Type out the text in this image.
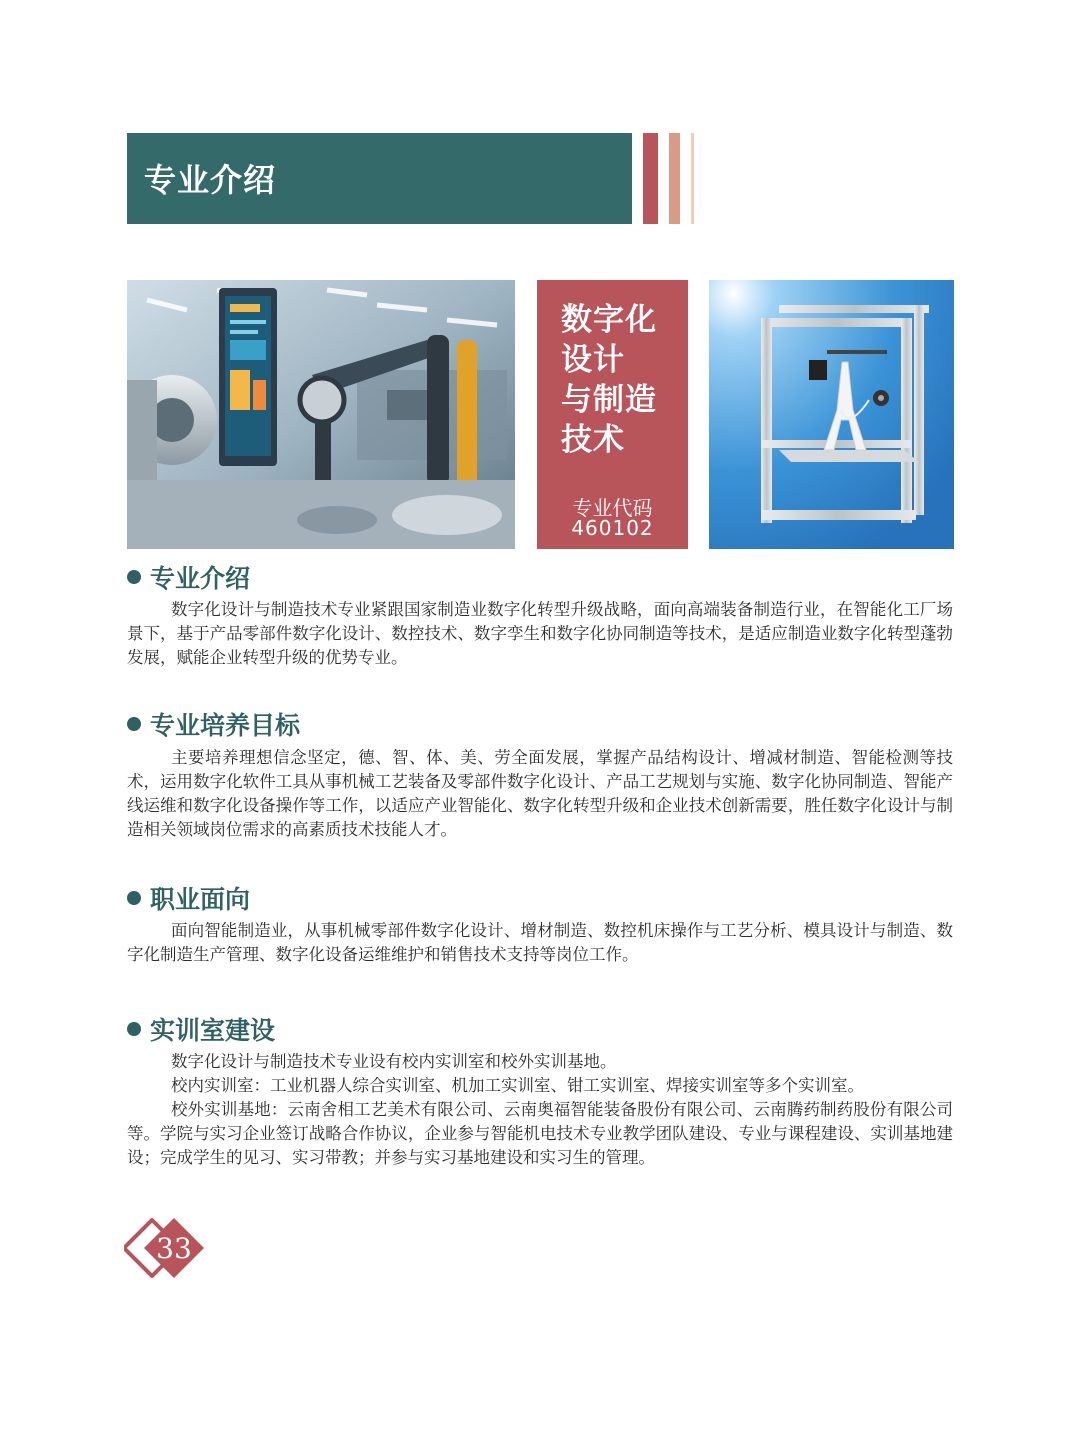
专业介绍
数字化
设计
与制造
技术
专业代码
460102
专业介绍

数字化设计与制造技术专业紧跟国家制造业数字化转型升级战略，面向高端装备制造行业，在智能化工厂场景下，基于产品零部件数字化设计、数控技术、数字孪生和数字化协同制造等技术，是适应制造业数字化转型蓬勃发展，赋能企业转型升级的优势专业。

专业培养目标

主要培养理想信念坚定，德、智、体、美、劳全面发展，掌握产品结构设计、增减材制造、智能检测等技术，运用数字化软件工具从事机械工艺装备及零部件数字化设计、产品工艺规划与实施、数字化协同制造、智能产线运维和数字化设备操作等工作，以适应产业智能化、数字化转型升级和企业技术创新需要，胜任数字化设计与制造相关领域岗位需求的高素质技术技能人才。

职业面向

面向智能制造业，从事机械零部件数字化设计、增材制造、数控机床操作与工艺分析、模具设计与制造、数字化制造生产管理、数字化设备运维维护和销售技术支持等岗位工作。

实训室建设

数字化设计与制造技术专业设有校内实训室和校外实训基地。

校内实训室：工业机器人综合实训室、机加工实训室、钳工实训室、焊接实训室等多个实训室。

校外实训基地：云南舍相工艺美术有限公司、云南奥福智能装备股份有限公司、云南腾药制药股份有限公司等。学院与实习企业签订战略合作协议，企业参与智能机电技术专业教学团队建设、专业与课程建设、实训基地建设；完成学生的见习、实习带教；并参与实习基地建设和实习生的管理。

33
